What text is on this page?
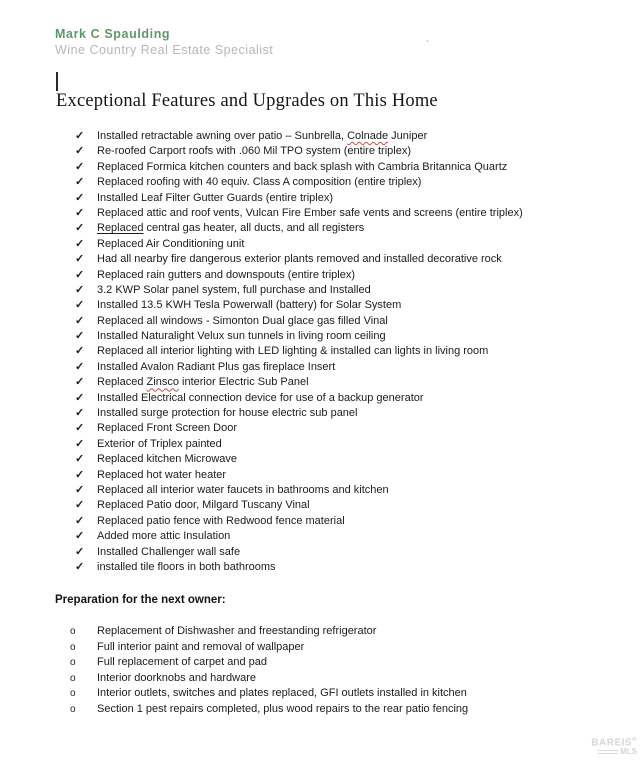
Mark C Spaulding
Wine Country Real Estate Specialist	`
Exceptional Features and Upgrades on This Home
✓	Installed retractable awning over patio – Sunbrella, Colnade Juniper
✓	Re-roofed Carport roofs with .060 Mil TPO system (entire triplex)
✓	Replaced Formica kitchen counters and back splash with Cambria Britannica Quartz
✓	Replaced roofing with 40 equiv. Class A composition (entire triplex)
✓	Installed Leaf Filter Gutter Guards (entire triplex)
✓	Replaced attic and roof vents, Vulcan Fire Ember safe vents and screens (entire triplex)
✓	Replaced central gas heater, all ducts, and all registers
✓	Replaced Air Conditioning unit
✓	Had all nearby fire dangerous exterior plants removed and installed decorative rock
✓	Replaced rain gutters and downspouts (entire triplex)
✓	3.2 KWP Solar panel system, full purchase and Installed
✓	Installed 13.5 KWH Tesla Powerwall (battery) for Solar System
✓	Replaced all windows - Simonton Dual glace gas filled Vinal
✓	Installed Naturalight Velux sun tunnels in living room ceiling
✓	Replaced all interior lighting with LED lighting & installed can lights in living room
✓	Installed Avalon Radiant Plus gas fireplace Insert
✓	Replaced Zinsco interior Electric Sub Panel
✓	Installed Electrical connection device for use of a backup generator
✓	Installed surge protection for house electric sub panel
✓	Replaced Front Screen Door
✓	Exterior of Triplex painted
✓	Replaced kitchen Microwave
✓	Replaced hot water heater
✓	Replaced all interior water faucets in bathrooms and kitchen
✓	Replaced Patio door, Milgard Tuscany Vinal
✓	Replaced patio fence with Redwood fence material
✓	Added more attic Insulation
✓	Installed Challenger wall safe
✓	installed tile floors in both bathrooms
Preparation for the next owner:
o	Replacement of Dishwasher and freestanding refrigerator
o	Full interior paint and removal of wallpaper
o	Full replacement of carpet and pad
o	Interior doorknobs and hardware
o	Interior outlets, switches and plates replaced, GFI outlets installed in kitchen
o	Section 1 pest repairs completed, plus wood repairs to the rear patio fencing
BAREIS®
MLS
